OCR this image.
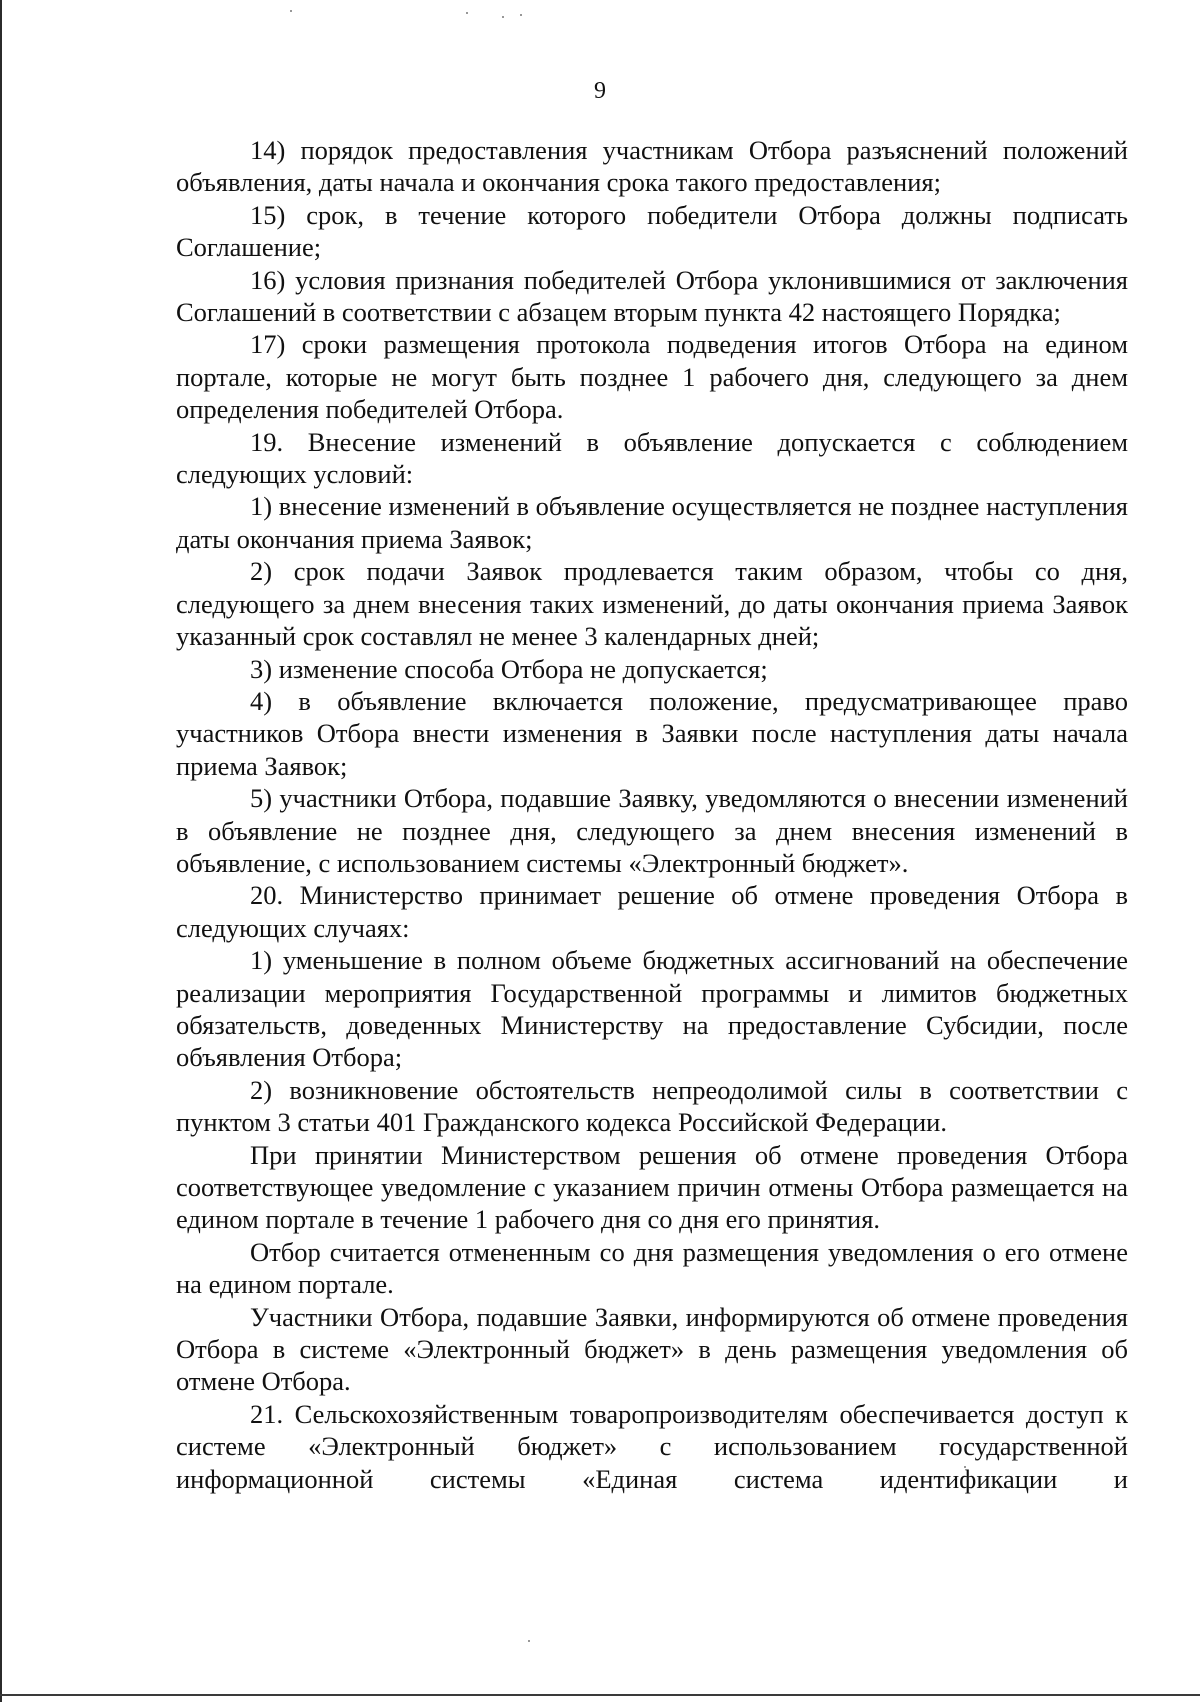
9

14) порядок предоставления участникам Отбора разъяснений положений объявления, даты начала и окончания срока такого предоставления;

15) срок, в течение которого победители Отбора должны подписать Соглашение;

16) условия признания победителей Отбора уклонившимися от заключения Соглашений в соответствии с абзацем вторым пункта 42 настоящего Порядка;

17) сроки размещения протокола подведения итогов Отбора на едином портале, которые не могут быть позднее 1 рабочего дня, следующего за днем определения победителей Отбора.

19. Внесение изменений в объявление допускается с соблюдением следующих условий:

1) внесение изменений в объявление осуществляется не позднее наступления даты окончания приема Заявок;

2) срок подачи Заявок продлевается таким образом, чтобы со дня, следующего за днем внесения таких изменений, до даты окончания приема Заявок указанный срок составлял не менее 3 календарных дней;

3) изменение способа Отбора не допускается;

4) в объявление включается положение, предусматривающее право участников Отбора внести изменения в Заявки после наступления даты начала приема Заявок;

5) участники Отбора, подавшие Заявку, уведомляются о внесении изменений в объявление не позднее дня, следующего за днем внесения изменений в объявление, с использованием системы «Электронный бюджет».

20. Министерство принимает решение об отмене проведения Отбора в следующих случаях:

1) уменьшение в полном объеме бюджетных ассигнований на обеспечение реализации мероприятия Государственной программы и лимитов бюджетных обязательств, доведенных Министерству на предоставление Субсидии, после объявления Отбора;

2) возникновение обстоятельств непреодолимой силы в соответствии с пунктом 3 статьи 401 Гражданского кодекса Российской Федерации.

При принятии Министерством решения об отмене проведения Отбора соответствующее уведомление с указанием причин отмены Отбора размещается на едином портале в течение 1 рабочего дня со дня его принятия.

Отбор считается отмененным со дня размещения уведомления о его отмене на едином портале.

Участники Отбора, подавшие Заявки, информируются об отмене проведения Отбора в системе «Электронный бюджет» в день размещения уведомления об отмене Отбора.

21. Сельскохозяйственным товаропроизводителям обеспечивается доступ к системе «Электронный бюджет» с использованием государственной информационной системы «Единая система идентификации и
